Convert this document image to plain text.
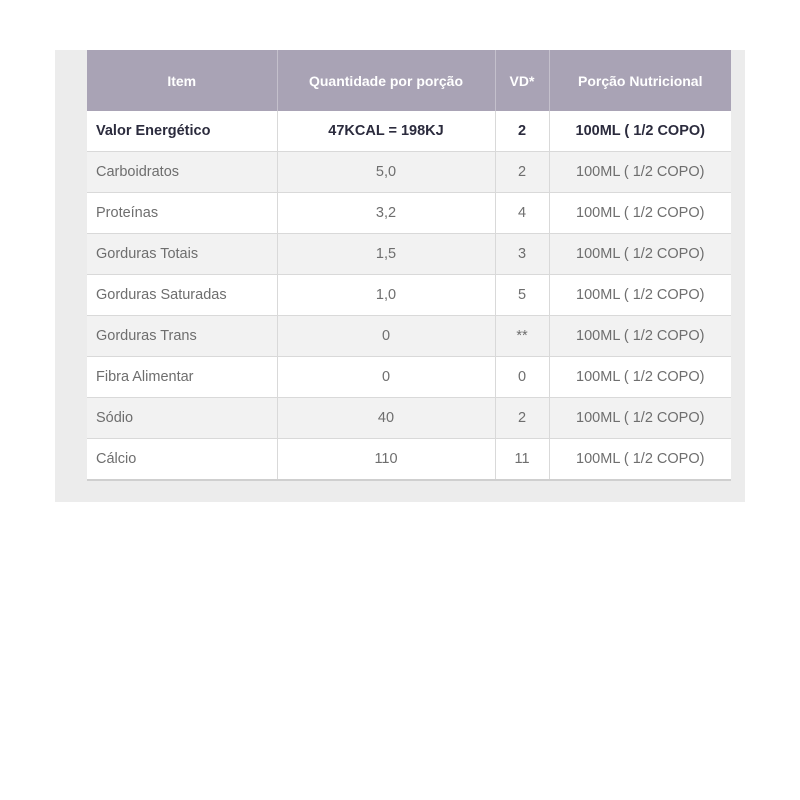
Item	Quantidade por porção	VD*	Porção Nutricional
Valor Energético	47KCAL = 198KJ	2	100ML ( 1/2 COPO)
Carboidratos	5,0	2	100ML ( 1/2 COPO)
Proteínas	3,2	4	100ML ( 1/2 COPO)
Gorduras Totais	1,5	3	100ML ( 1/2 COPO)
Gorduras Saturadas	1,0	5	100ML ( 1/2 COPO)
Gorduras Trans	0	**	100ML ( 1/2 COPO)
Fibra Alimentar	0	0	100ML ( 1/2 COPO)
Sódio	40	2	100ML ( 1/2 COPO)
Cálcio	110	11	100ML ( 1/2 COPO)
